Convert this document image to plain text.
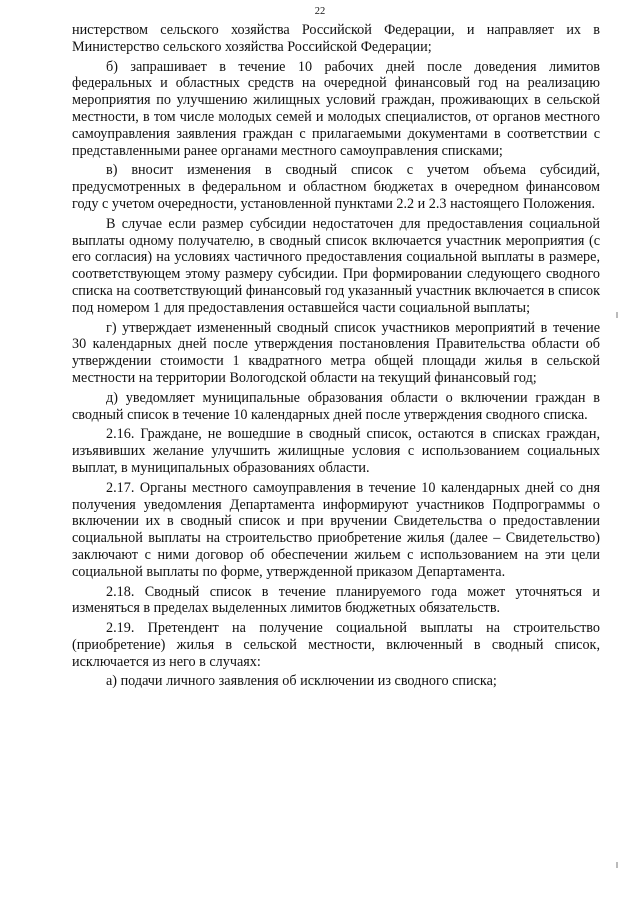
22

нистерством сельского хозяйства Российской Федерации, и направляет их в Министерство сельского хозяйства Российской Федерации;

б) запрашивает в течение 10 рабочих дней после доведения лимитов федеральных и областных средств на очередной финансовый год на реализацию мероприятия по улучшению жилищных условий граждан, проживающих в сельской местности, в том числе молодых семей и молодых специалистов, от органов местного самоуправления заявления граждан с прилагаемыми документами в соответствии с представленными ранее органами местного самоуправления списками;

в) вносит изменения в сводный список с учетом объема субсидий, предусмотренных в федеральном и областном бюджетах в очередном финансовом году с учетом очередности, установленной пунктами 2.2 и 2.3 настоящего Положения.

В случае если размер субсидии недостаточен для предоставления социальной выплаты одному получателю, в сводный список включается участник мероприятия (с его согласия) на условиях частичного предоставления социальной выплаты в размере, соответствующем этому размеру субсидии. При формировании следующего сводного списка на соответствующий финансовый год указанный участник включается в список под номером 1 для предоставления оставшейся части социальной выплаты;

г) утверждает измененный сводный список участников мероприятий в течение 30 календарных дней после утверждения постановления Правительства области об утверждении стоимости 1 квадратного метра общей площади жилья в сельской местности на территории Вологодской области на текущий финансовый год;

д) уведомляет муниципальные образования области о включении граждан в сводный список в течение 10 календарных дней после утверждения сводного списка.

2.16. Граждане, не вошедшие в сводный список, остаются в списках граждан, изъявивших желание улучшить жилищные условия с использованием социальных выплат, в муниципальных образованиях области.

2.17. Органы местного самоуправления в течение 10 календарных дней со дня получения уведомления Департамента информируют участников Подпрограммы о включении их в сводный список и при вручении Свидетельства о предоставлении социальной выплаты на строительство приобретение жилья (далее – Свидетельство) заключают с ними договор об обеспечении жильем с использованием на эти цели социальной выплаты по форме, утвержденной приказом Департамента.

2.18. Сводный список в течение планируемого года может уточняться и изменяться в пределах выделенных лимитов бюджетных обязательств.

2.19. Претендент на получение социальной выплаты на строительство (приобретение) жилья в сельской местности, включенный в сводный список, исключается из него в случаях:

а) подачи личного заявления об исключении из сводного списка;
